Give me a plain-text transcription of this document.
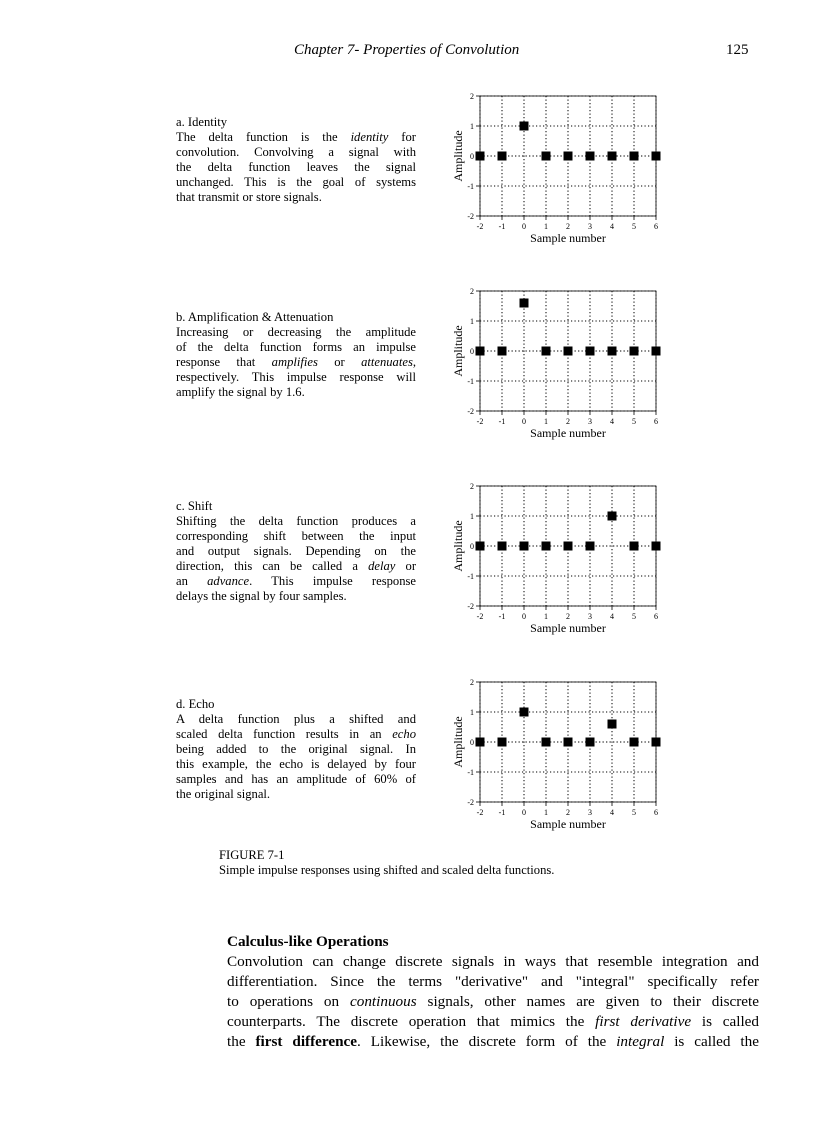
Chapter 7- Properties of Convolution	125
a. Identity
The delta function is the identity for
convolution. Convolving a signal with
the delta function leaves the signal
unchanged. This is the goal of systems
that transmit or store signals.
-2 -1 0 1 2 3 4 5 6
-2
-1
0
1
2
Sample number
Amplitude
b. Amplification & Attenuation
Increasing or decreasing the amplitude
of the delta function forms an impulse
response that amplifies or attenuates,
respectively. This impulse response will
amplify the signal by 1.6.
-2 -1 0 1 2 3 4 5 6
-2
-1
0
1
2
Sample number
Amplitude
c. Shift
Shifting the delta function produces a
corresponding shift between the input
and output signals. Depending on the
direction, this can be called a delay or
an advance. This impulse response
delays the signal by four samples.
-2 -1 0 1 2 3 4 5 6
-2
-1
0
1
2
Sample number
Amplitude
d. Echo
A delta function plus a shifted and
scaled delta function results in an echo
being added to the original signal. In
this example, the echo is delayed by four
samples and has an amplitude of 60% of
the original signal.
-2 -1 0 1 2 3 4 5 6
-2
-1
0
1
2
Sample number
Amplitude
FIGURE 7-1
Simple impulse responses using shifted and scaled delta functions.
Calculus-like Operations
Convolution can change discrete signals in ways that resemble integration and
differentiation. Since the terms "derivative" and "integral" specifically refer
to operations on continuous signals, other names are given to their discrete
counterparts. The discrete operation that mimics the first derivative is called
the first difference. Likewise, the discrete form of the integral is called the
